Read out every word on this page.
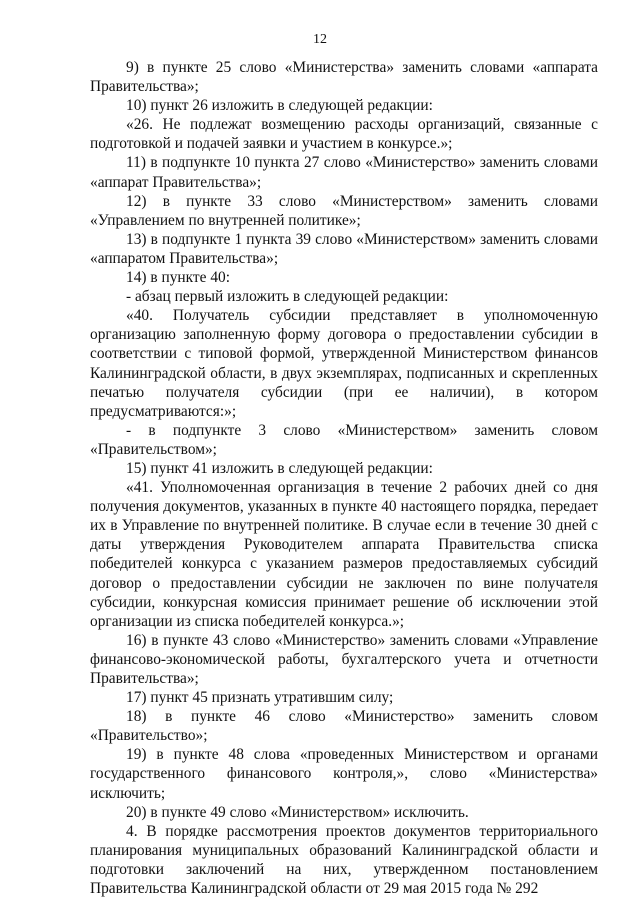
12

9) в пункте 25 слово «Министерства» заменить словами «аппарата Правительства»;

10) пункт 26 изложить в следующей редакции:

«26. Не подлежат возмещению расходы организаций, связанные с подготовкой и подачей заявки и участием в конкурсе.»;

11) в подпункте 10 пункта 27 слово «Министерство» заменить словами «аппарат Правительства»;

12) в пункте 33 слово «Министерством» заменить словами «Управлением по внутренней политике»;

13) в подпункте 1 пункта 39 слово «Министерством» заменить словами «аппаратом Правительства»;

14) в пункте 40:

- абзац первый изложить в следующей редакции:

«40. Получатель субсидии представляет в уполномоченную организацию заполненную форму договора о предоставлении субсидии в соответствии с типовой формой, утвержденной Министерством финансов Калининградской области, в двух экземплярах, подписанных и скрепленных печатью получателя субсидии (при ее наличии), в котором предусматриваются:»;

- в подпункте 3 слово «Министерством» заменить словом «Правительством»;

15) пункт 41 изложить в следующей редакции:

«41. Уполномоченная организация в течение 2 рабочих дней со дня получения документов, указанных в пункте 40 настоящего порядка, передает их в Управление по внутренней политике. В случае если в течение 30 дней с даты утверждения Руководителем аппарата Правительства списка победителей конкурса с указанием размеров предоставляемых субсидий договор о предоставлении субсидии не заключен по вине получателя субсидии, конкурсная комиссия принимает решение об исключении этой организации из списка победителей конкурса.»;

16) в пункте 43 слово «Министерство» заменить словами «Управление финансово-экономической работы, бухгалтерского учета и отчетности Правительства»;

17) пункт 45 признать утратившим силу;

18) в пункте 46 слово «Министерство» заменить словом «Правительство»;

19) в пункте 48 слова «проведенных Министерством и органами государственного финансового контроля,», слово «Министерства» исключить;

20) в пункте 49 слово «Министерством» исключить.

4. В порядке рассмотрения проектов документов территориального планирования муниципальных образований Калининградской области и подготовки заключений на них, утвержденном постановлением Правительства Калининградской области от 29 мая 2015 года № 292
